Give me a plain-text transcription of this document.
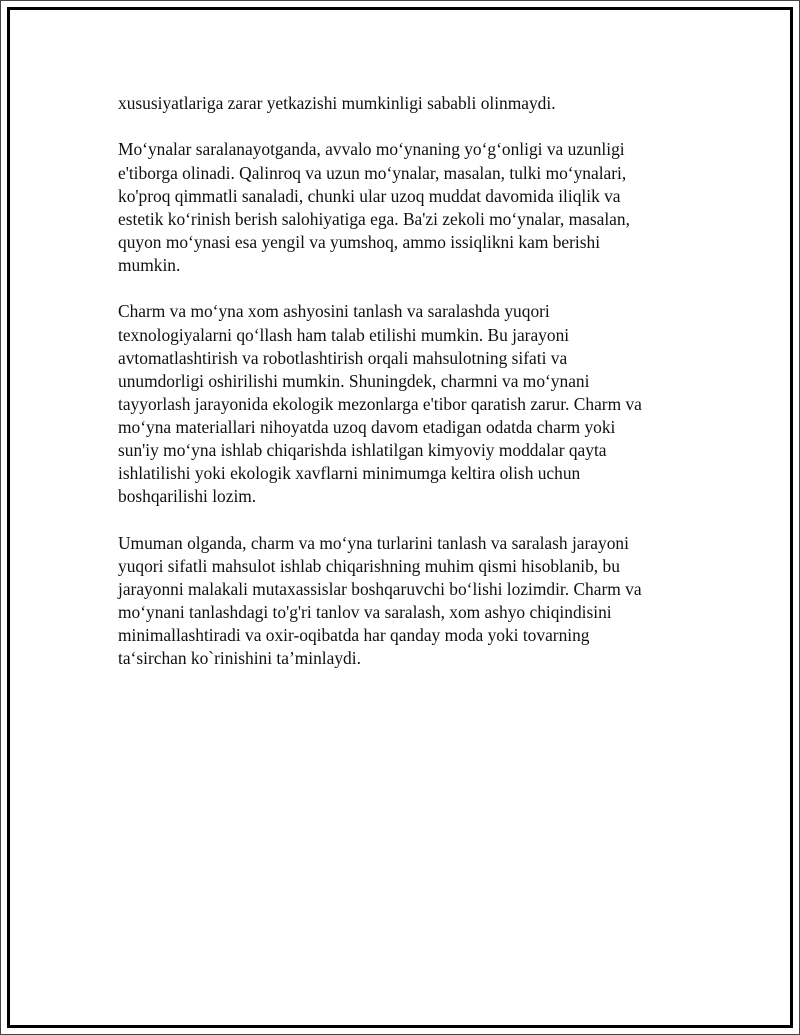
xususiyatlariga zarar yetkazishi mumkinligi sababli olinmaydi.

Mo‘ynalar saralanayotganda, avvalo mo‘ynaning yo‘g‘onligi va uzunligi
e'tiborga olinadi. Qalinroq va uzun mo‘ynalar, masalan, tulki mo‘ynalari,
ko'proq qimmatli sanaladi, chunki ular uzoq muddat davomida iliqlik va
estetik ko‘rinish berish salohiyatiga ega. Ba'zi zekoli mo‘ynalar, masalan,
quyon mo‘ynasi esa yengil va yumshoq, ammo issiqlikni kam berishi
mumkin.

Charm va mo‘yna xom ashyosini tanlash va saralashda yuqori
texnologiyalarni qo‘llash ham talab etilishi mumkin. Bu jarayoni
avtomatlashtirish va robotlashtirish orqali mahsulotning sifati va
unumdorligi oshirilishi mumkin. Shuningdek, charmni va mo‘ynani
tayyorlash jarayonida ekologik mezonlarga e'tibor qaratish zarur. Charm va
mo‘yna materiallari nihoyatda uzoq davom etadigan odatda charm yoki
sun'iy mo‘yna ishlab chiqarishda ishlatilgan kimyoviy moddalar qayta
ishlatilishi yoki ekologik xavflarni minimumga keltira olish uchun
boshqarilishi lozim.

Umuman olganda, charm va mo‘yna turlarini tanlash va saralash jarayoni
yuqori sifatli mahsulot ishlab chiqarishning muhim qismi hisoblanib, bu
jarayonni malakali mutaxassislar boshqaruvchi bo‘lishi lozimdir. Charm va
mo‘ynani tanlashdagi to'g'ri tanlov va saralash, xom ashyo chiqindisini
minimallashtiradi va oxir-oqibatda har qanday moda yoki tovarning
ta‘sirchan ko`rinishini ta’minlaydi.
